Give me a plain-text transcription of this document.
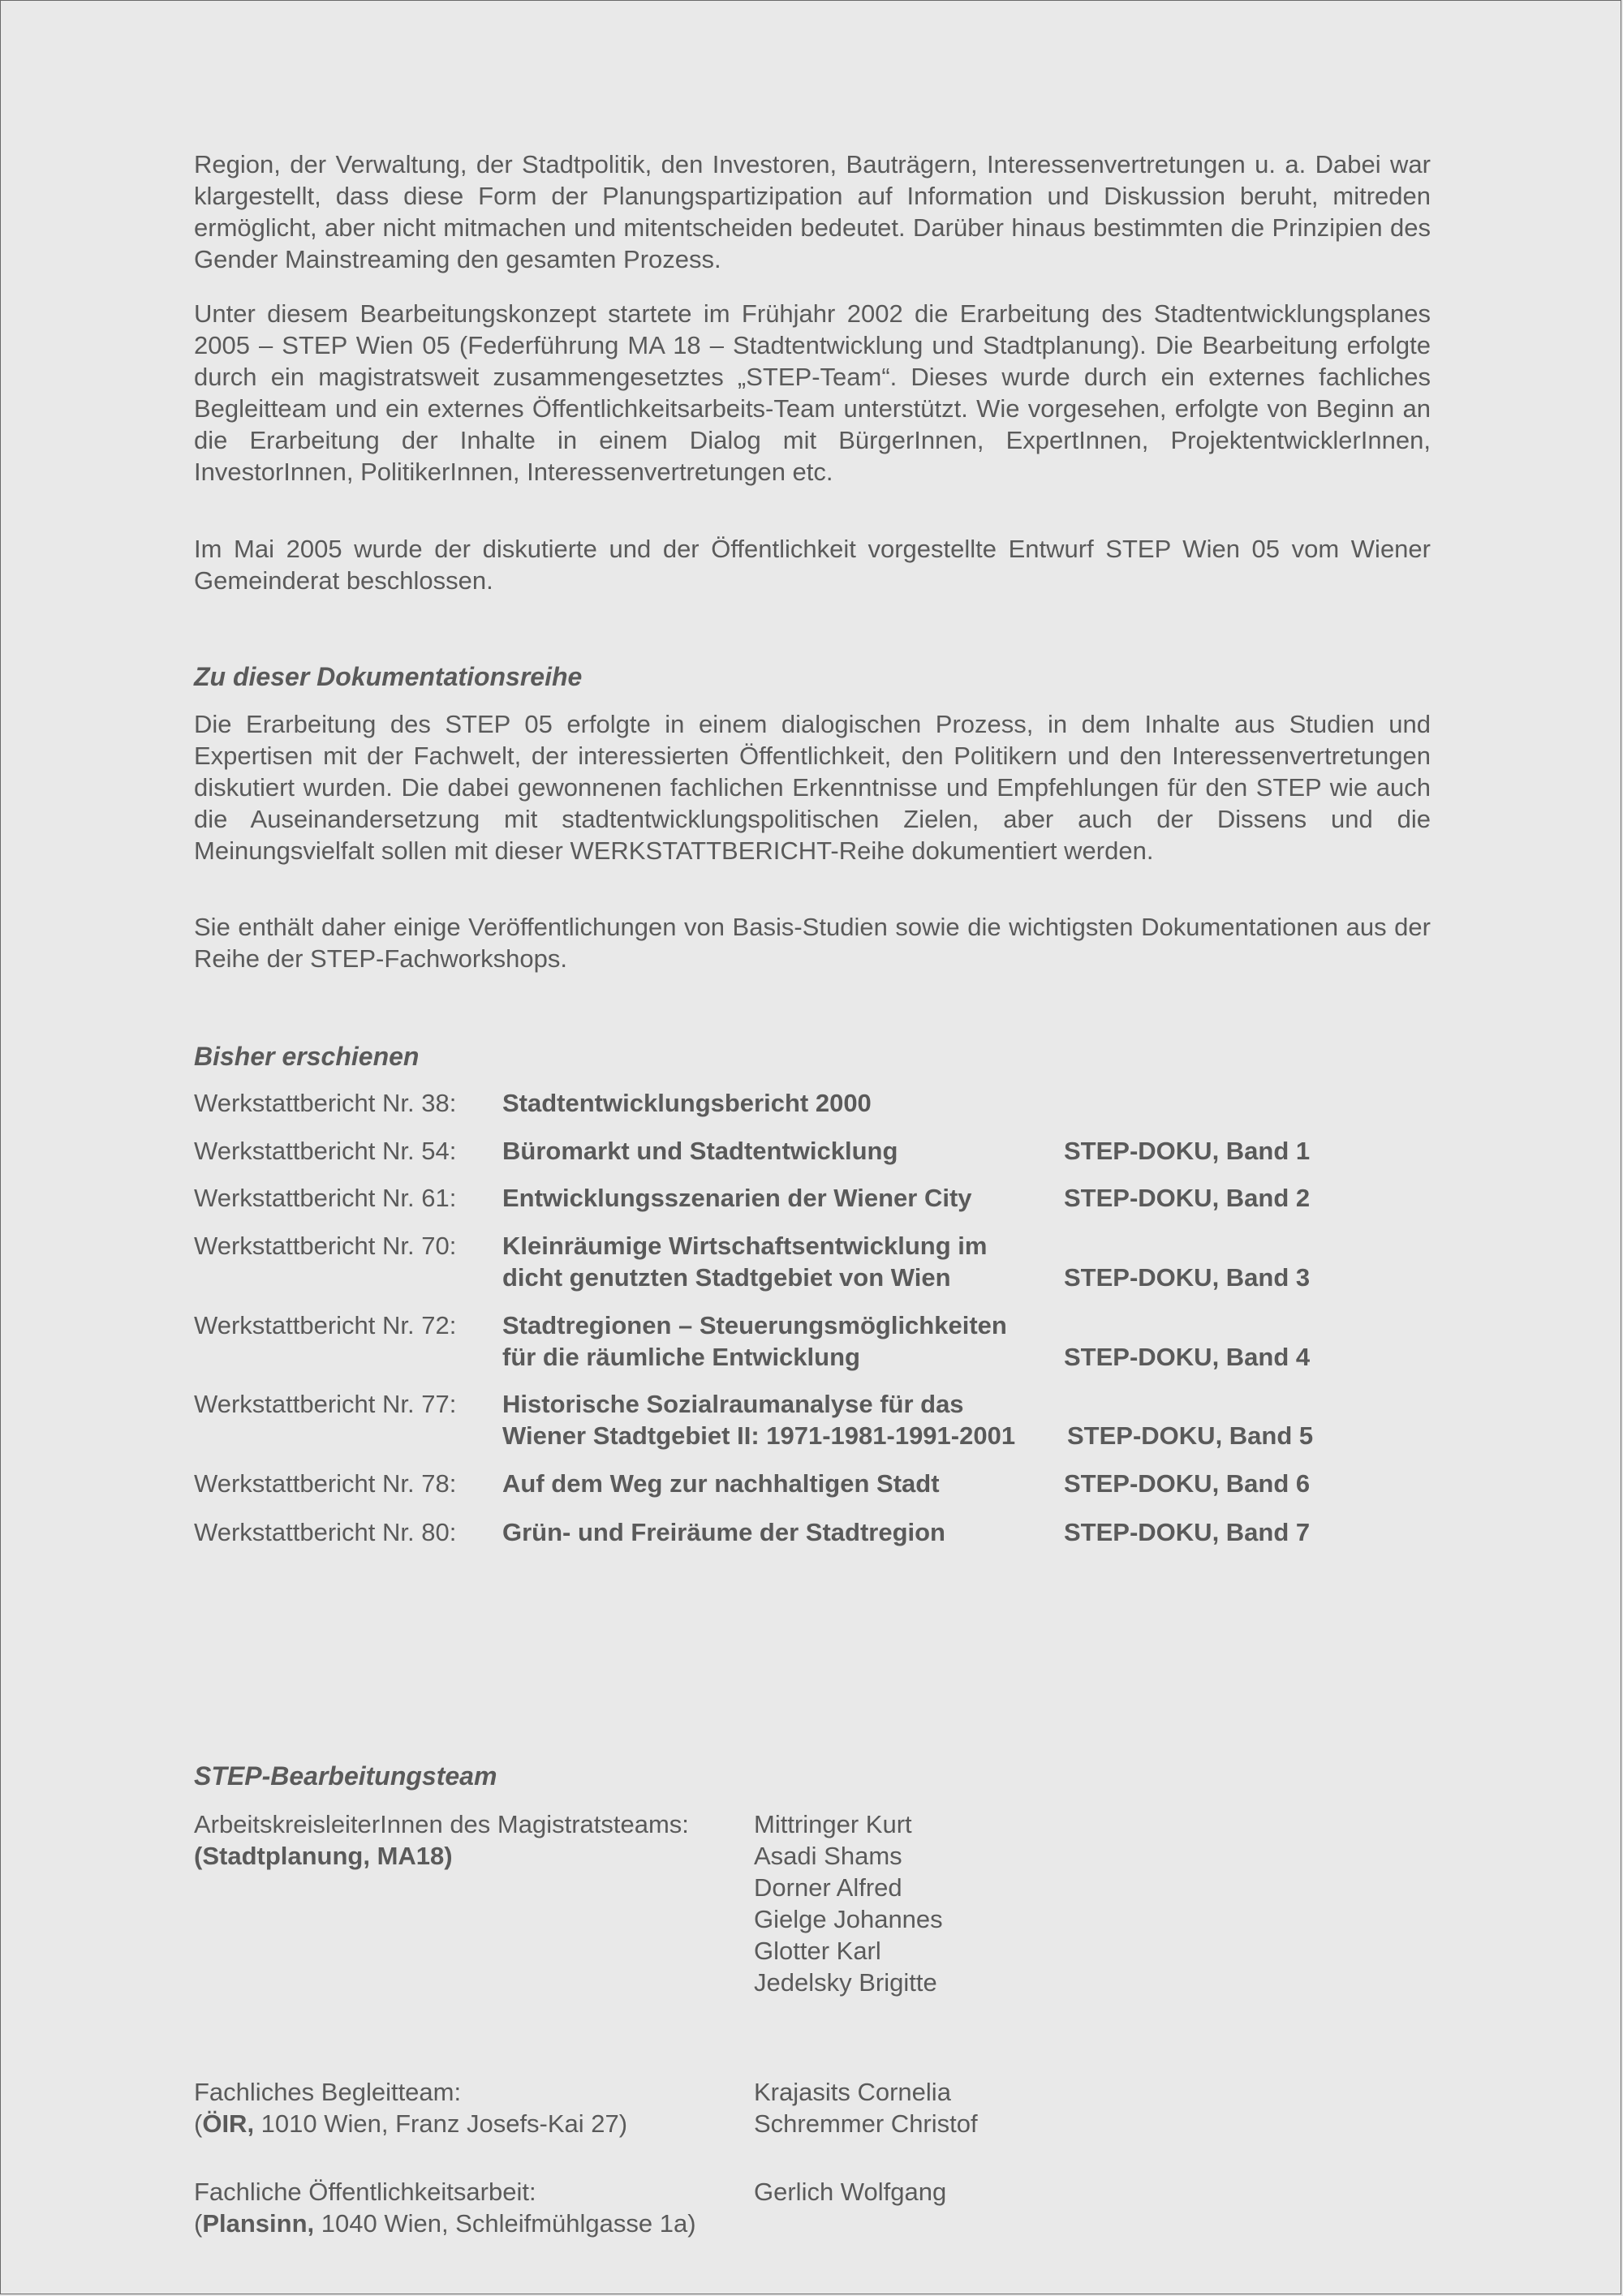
Region, der Verwaltung, der Stadtpolitik, den Investoren, Bauträgern, Interessenvertretungen u. a. Dabei war klargestellt, dass diese Form der Planungspartizipation auf Information und Diskussion beruht, mitreden ermöglicht, aber nicht mitmachen und mitentscheiden bedeutet. Darüber hinaus bestimmten die Prinzipien des Gender Mainstreaming den gesamten Prozess.

Unter diesem Bearbeitungskonzept startete im Frühjahr 2002 die Erarbeitung des Stadtentwicklungsplanes 2005 – STEP Wien 05 (Federführung MA 18 – Stadtentwicklung und Stadtplanung). Die Bearbeitung erfolgte durch ein magistratsweit zusammengesetztes „STEP-Team“. Dieses wurde durch ein externes fachliches Begleitteam und ein externes Öffentlichkeitsarbeits-Team unterstützt. Wie vorgesehen, erfolgte von Beginn an die Erarbeitung der Inhalte in einem Dialog mit BürgerInnen, ExpertInnen, ProjektentwicklerInnen, InvestorInnen, PolitikerInnen, Interessenvertretungen etc.

Im Mai 2005 wurde der diskutierte und der Öffentlichkeit vorgestellte Entwurf STEP Wien 05 vom Wiener Gemeinderat beschlossen.

Zu dieser Dokumentationsreihe

Die Erarbeitung des STEP 05 erfolgte in einem dialogischen Prozess, in dem Inhalte aus Studien und Expertisen mit der Fachwelt, der interessierten Öffentlichkeit, den Politikern und den Interessenvertretungen diskutiert wurden. Die dabei gewonnenen fachlichen Erkenntnisse und Empfehlungen für den STEP wie auch die Auseinandersetzung mit stadtentwicklungspolitischen Zielen, aber auch der Dissens und die Meinungsvielfalt sollen mit dieser WERKSTATTBERICHT-Reihe dokumentiert werden.

Sie enthält daher einige Veröffentlichungen von Basis-Studien sowie die wichtigsten Dokumentationen aus der Reihe der STEP-Fachworkshops.

Bisher erschienen

Werkstattbericht Nr. 38: Stadtentwicklungsbericht 2000
Werkstattbericht Nr. 54: Büromarkt und Stadtentwicklung	STEP-DOKU, Band 1
Werkstattbericht Nr. 61: Entwicklungsszenarien der Wiener City	STEP-DOKU, Band 2
Werkstattbericht Nr. 70: Kleinräumige Wirtschaftsentwicklung im
dicht genutzten Stadtgebiet von Wien	STEP-DOKU, Band 3
Werkstattbericht Nr. 72: Stadtregionen – Steuerungsmöglichkeiten
für die räumliche Entwicklung	STEP-DOKU, Band 4
Werkstattbericht Nr. 77: Historische Sozialraumanalyse für das
Wiener Stadtgebiet II: 1971-1981-1991-2001 STEP-DOKU, Band 5
Werkstattbericht Nr. 78: Auf dem Weg zur nachhaltigen Stadt	STEP-DOKU, Band 6
Werkstattbericht Nr. 80: Grün- und Freiräume der Stadtregion	STEP-DOKU, Band 7

STEP-Bearbeitungsteam

ArbeitskreisleiterInnen des Magistratsteams:
(Stadtplanung, MA18)
Mittringer Kurt
Asadi Shams
Dorner Alfred
Gielge Johannes
Glotter Karl
Jedelsky Brigitte
Fachliches Begleitteam:
(ÖIR, 1010 Wien, Franz Josefs-Kai 27)
Krajasits Cornelia
Schremmer Christof
Fachliche Öffentlichkeitsarbeit:
(Plansinn, 1040 Wien, Schleifmühlgasse 1a)
Gerlich Wolfgang
